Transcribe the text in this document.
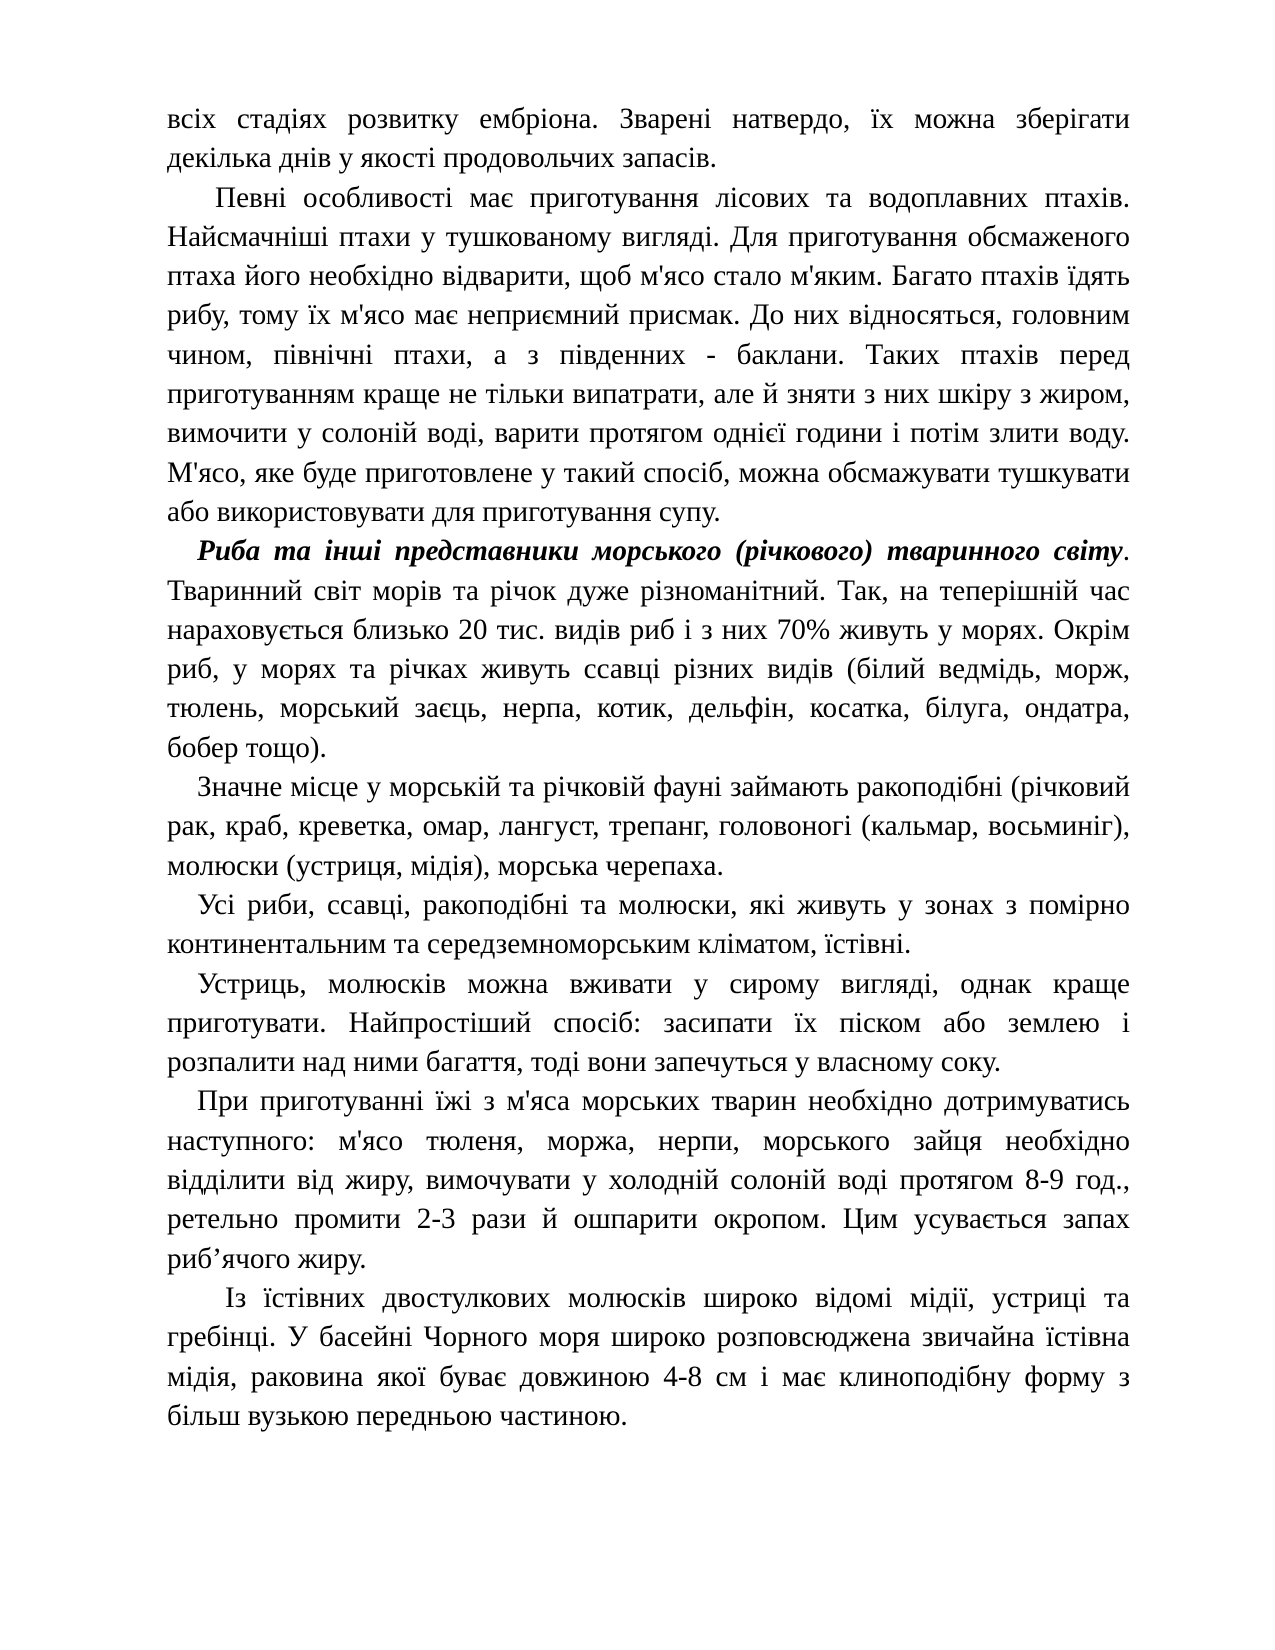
всіх стадіях розвитку ембріона. Зварені натвердо, їх можна зберігати декілька днів у якості продовольчих запасів.

Певні особливості має приготування лісових та водоплавних птахів. Найсмачніші птахи у тушкованому вигляді. Для приготування обсмаженого птаха його необхідно відварити, щоб м'ясо стало м'яким. Багато птахів їдять рибу, тому їх м'ясо має неприємний присмак. До них відносяться, головним чином, північні птахи, а з південних - баклани. Таких птахів перед приготуванням краще не тільки випатрати, але й зняти з них шкіру з жиром, вимочити у солоній воді, варити протягом однієї години і потім злити воду. М'ясо, яке буде приготовлене у такий спосіб, можна обсмажувати тушкувати або використовувати для приготування супу.

Риба та інші представники морського (річкового) тваринного світу. Тваринний світ морів та річок дуже різноманітний. Так, на теперішній час нараховується близько 20 тис. видів риб і з них 70% живуть у морях. Окрім риб, у морях та річках живуть ссавці різних видів (білий ведмідь, морж, тюлень, морський заєць, нерпа, котик, дельфін, косатка, білуга, ондатра, бобер тощо).

Значне місце у морській та річковій фауні займають ракоподібні (річковий рак, краб, креветка, омар, лангуст, трепанг, головоногі (кальмар, восьминіг), молюски (устриця, мідія), морська черепаха.

Усі риби, ссавці, ракоподібні та молюски, які живуть у зонах з помірно континентальним та середземноморським кліматом, їстівні.

Устриць, молюсків можна вживати у сирому вигляді, однак краще приготувати. Найпростіший спосіб: засипати їх піском або землею і розпалити над ними багаття, тоді вони запечуться у власному соку.

При приготуванні їжі з м'яса морських тварин необхідно дотримуватись наступного: м'ясо тюленя, моржа, нерпи, морського зайця необхідно відділити від жиру, вимочувати у холодній солоній воді протягом 8-9 год., ретельно промити 2-3 рази й ошпарити окропом. Цим усувається запах риб’ячого жиру.

Із їстівних двостулкових молюсків широко відомі мідії, устриці та гребінці. У басейні Чорного моря широко розповсюджена звичайна їстівна мідія, раковина якої буває довжиною 4-8 см і має клиноподібну форму з більш вузькою передньою частиною.
